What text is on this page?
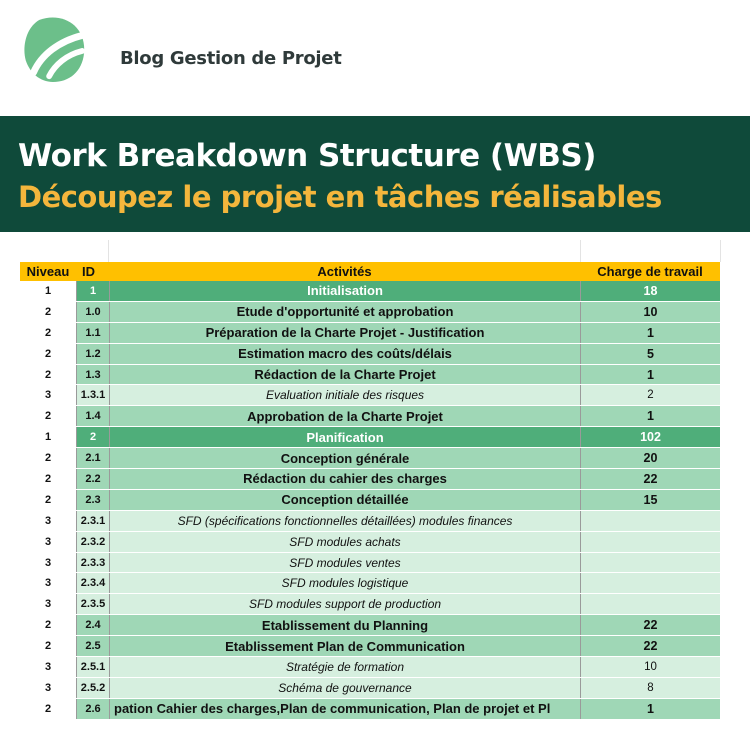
Blog Gestion de Projet
Work Breakdown Structure (WBS)
Découpez le projet en tâches réalisables
Niveau ID	Activités	Charge de travail
1	1	Initialisation	18
2	1.0	Etude d'opportunité et approbation	10
2	1.1	Préparation de la Charte Projet - Justification	1
2	1.2	Estimation macro des coûts/délais	5
2	1.3	Rédaction de la Charte Projet	1
3	1.3.1	Evaluation initiale des risques	2
2	1.4	Approbation de la Charte Projet	1
1	2	Planification	102
2	2.1	Conception générale	20
2	2.2	Rédaction du cahier des charges	22
2	2.3	Conception détaillée	15
3	2.3.1	SFD (spécifications fonctionnelles détaillées) modules finances
3	2.3.2	SFD modules achats
3	2.3.3	SFD modules ventes
3	2.3.4	SFD modules logistique
3	2.3.5	SFD modules support de production
2	2.4	Etablissement du Planning	22
2	2.5	Etablissement Plan de Communication	22
3	2.5.1	Stratégie de formation	10
3	2.5.2	Schéma de gouvernance	8
2	2.6	pation Cahier des charges,Plan de communication, Plan de projet et Pl	1
